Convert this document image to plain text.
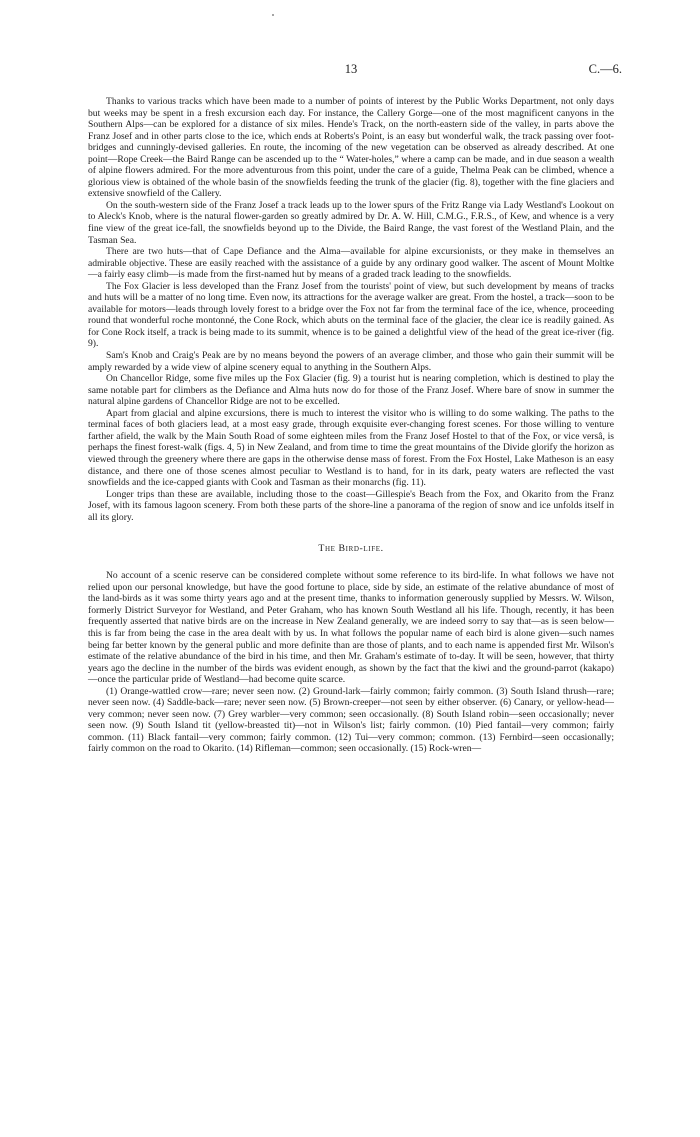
13	C.—6.

Thanks to various tracks which have been made to a number of points of interest by the Public Works Department, not only days but weeks may be spent in a fresh excursion each day. For instance, the Callery Gorge—one of the most magnificent canyons in the Southern Alps—can be explored for a distance of six miles. Hende's Track, on the north-eastern side of the valley, in parts above the Franz Josef and in other parts close to the ice, which ends at Roberts's Point, is an easy but wonderful walk, the track passing over foot-bridges and cunningly-devised galleries. En route, the incoming of the new vegetation can be observed as already described. At one point—Rope Creek—the Baird Range can be ascended up to the “ Water-holes,” where a camp can be made, and in due season a wealth of alpine flowers admired. For the more adventurous from this point, under the care of a guide, Thelma Peak can be climbed, whence a glorious view is obtained of the whole basin of the snowfields feeding the trunk of the glacier (fig. 8), together with the fine glaciers and extensive snowfield of the Callery.

On the south-western side of the Franz Josef a track leads up to the lower spurs of the Fritz Range via Lady Westland's Lookout on to Aleck's Knob, where is the natural flower-garden so greatly admired by Dr. A. W. Hill, C.M.G., F.R.S., of Kew, and whence is a very fine view of the great ice-fall, the snowfields beyond up to the Divide, the Baird Range, the vast forest of the Westland Plain, and the Tasman Sea.

There are two huts—that of Cape Defiance and the Alma—available for alpine excursionists, or they make in themselves an admirable objective. These are easily reached with the assistance of a guide by any ordinary good walker. The ascent of Mount Moltke—a fairly easy climb—is made from the first-named hut by means of a graded track leading to the snowfields.

The Fox Glacier is less developed than the Franz Josef from the tourists' point of view, but such development by means of tracks and huts will be a matter of no long time. Even now, its attractions for the average walker are great. From the hostel, a track—soon to be available for motors—leads through lovely forest to a bridge over the Fox not far from the terminal face of the ice, whence, proceeding round that wonderful roche montonné, the Cone Rock, which abuts on the terminal face of the glacier, the clear ice is readily gained. As for Cone Rock itself, a track is being made to its summit, whence is to be gained a delightful view of the head of the great ice-river (fig. 9).

Sam's Knob and Craig's Peak are by no means beyond the powers of an average climber, and those who gain their summit will be amply rewarded by a wide view of alpine scenery equal to anything in the Southern Alps.

On Chancellor Ridge, some five miles up the Fox Glacier (fig. 9) a tourist hut is nearing completion, which is destined to play the same notable part for climbers as the Defiance and Alma huts now do for those of the Franz Josef. Where bare of snow in summer the natural alpine gardens of Chancellor Ridge are not to be excelled.

Apart from glacial and alpine excursions, there is much to interest the visitor who is willing to do some walking. The paths to the terminal faces of both glaciers lead, at a most easy grade, through exquisite ever-changing forest scenes. For those willing to venture farther afield, the walk by the Main South Road of some eighteen miles from the Franz Josef Hostel to that of the Fox, or vice versâ, is perhaps the finest forest-walk (figs. 4, 5) in New Zealand, and from time to time the great mountains of the Divide glorify the horizon as viewed through the greenery where there are gaps in the otherwise dense mass of forest. From the Fox Hostel, Lake Matheson is an easy distance, and there one of those scenes almost peculiar to Westland is to hand, for in its dark, peaty waters are reflected the vast snowfields and the ice-capped giants with Cook and Tasman as their monarchs (fig. 11).

Longer trips than these are available, including those to the coast—Gillespie's Beach from the Fox, and Okarito from the Franz Josef, with its famous lagoon scenery. From both these parts of the shore-line a panorama of the region of snow and ice unfolds itself in all its glory.

The Bird-life.

No account of a scenic reserve can be considered complete without some reference to its bird-life. In what follows we have not relied upon our personal knowledge, but have the good fortune to place, side by side, an estimate of the relative abundance of most of the land-birds as it was some thirty years ago and at the present time, thanks to information generously supplied by Messrs. W. Wilson, formerly District Surveyor for Westland, and Peter Graham, who has known South Westland all his life. Though, recently, it has been frequently asserted that native birds are on the increase in New Zealand generally, we are indeed sorry to say that—as is seen below—this is far from being the case in the area dealt with by us. In what follows the popular name of each bird is alone given—such names being far better known by the general public and more definite than are those of plants, and to each name is appended first Mr. Wilson's estimate of the relative abundance of the bird in his time, and then Mr. Graham's estimate of to-day. It will be seen, however, that thirty years ago the decline in the number of the birds was evident enough, as shown by the fact that the kiwi and the ground-parrot (kakapo)—once the particular pride of Westland—had become quite scarce.

(1) Orange-wattled crow—rare; never seen now. (2) Ground-lark—fairly common; fairly common. (3) South Island thrush—rare; never seen now. (4) Saddle-back—rare; never seen now. (5) Brown-creeper—not seen by either observer. (6) Canary, or yellow-head—very common; never seen now. (7) Grey warbler—very common; seen occasionally. (8) South Island robin—seen occasionally; never seen now. (9) South Island tit (yellow-breasted tit)—not in Wilson's list; fairly common. (10) Pied fantail—very common; fairly common. (11) Black fantail—very common; fairly common. (12) Tui—very common; common. (13) Fernbird—seen occasionally; fairly common on the road to Okarito. (14) Rifleman—common; seen occasionally. (15) Rock-wren—
